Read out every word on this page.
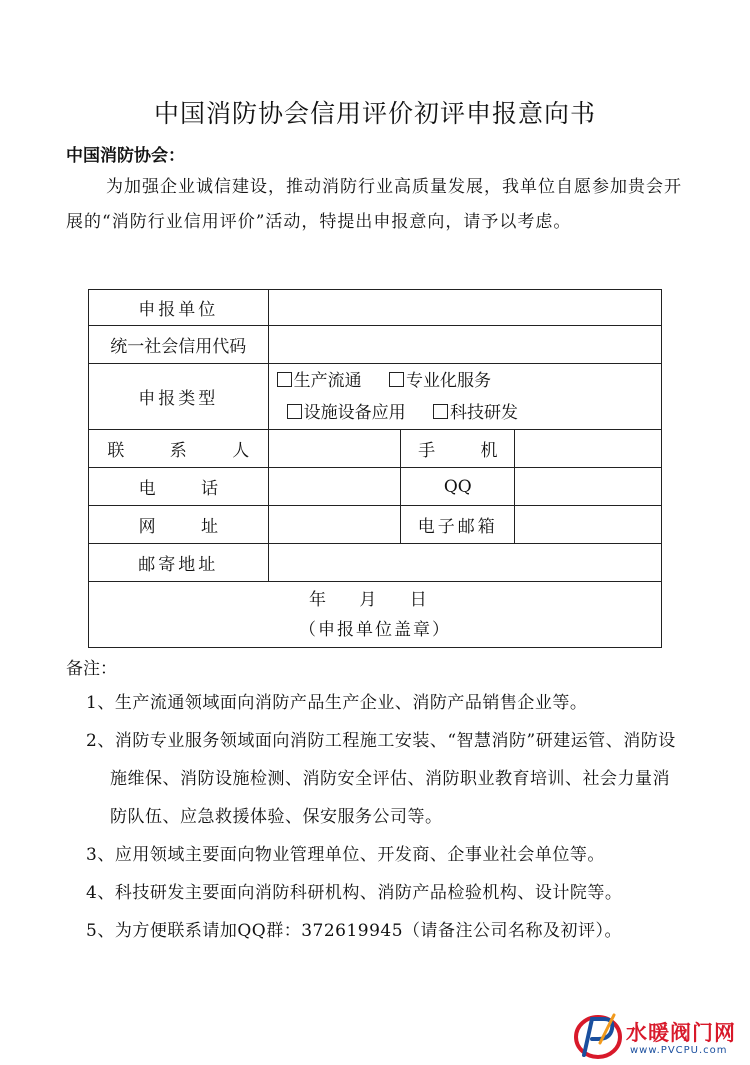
中国消防协会信用评价初评申报意向书
中国消防协会：
为加强企业诚信建设，推动消防行业高质量发展，我单位自愿参加贵会开展的“消防行业信用评价”活动，特提出申报意向，请予以考虑。
申报单位			
统一社会信用代码			
申报类型	生产流通 专业化服务
设施设备应用 科技研发		

联 系 人		手 机	
电 话		QQ	
网 址		电子邮箱	
邮寄地址			

年 月 日
（申报单位盖章）			
备注：
1、生产流通领域面向消防产品生产企业、消防产品销售企业等。
2、消防专业服务领域面向消防工程施工安装、“智慧消防”研建运管、消防设施维保、消防设施检测、消防安全评估、消防职业教育培训、社会力量消防队伍、应急救援体验、保安服务公司等。
3、应用领域主要面向物业管理单位、开发商、企事业社会单位等。
4、科技研发主要面向消防科研机构、消防产品检验机构、设计院等。
5、为方便联系请加QQ群：372619945（请备注公司名称及初评）。
水暖阀门网
www.PVCPU.com
